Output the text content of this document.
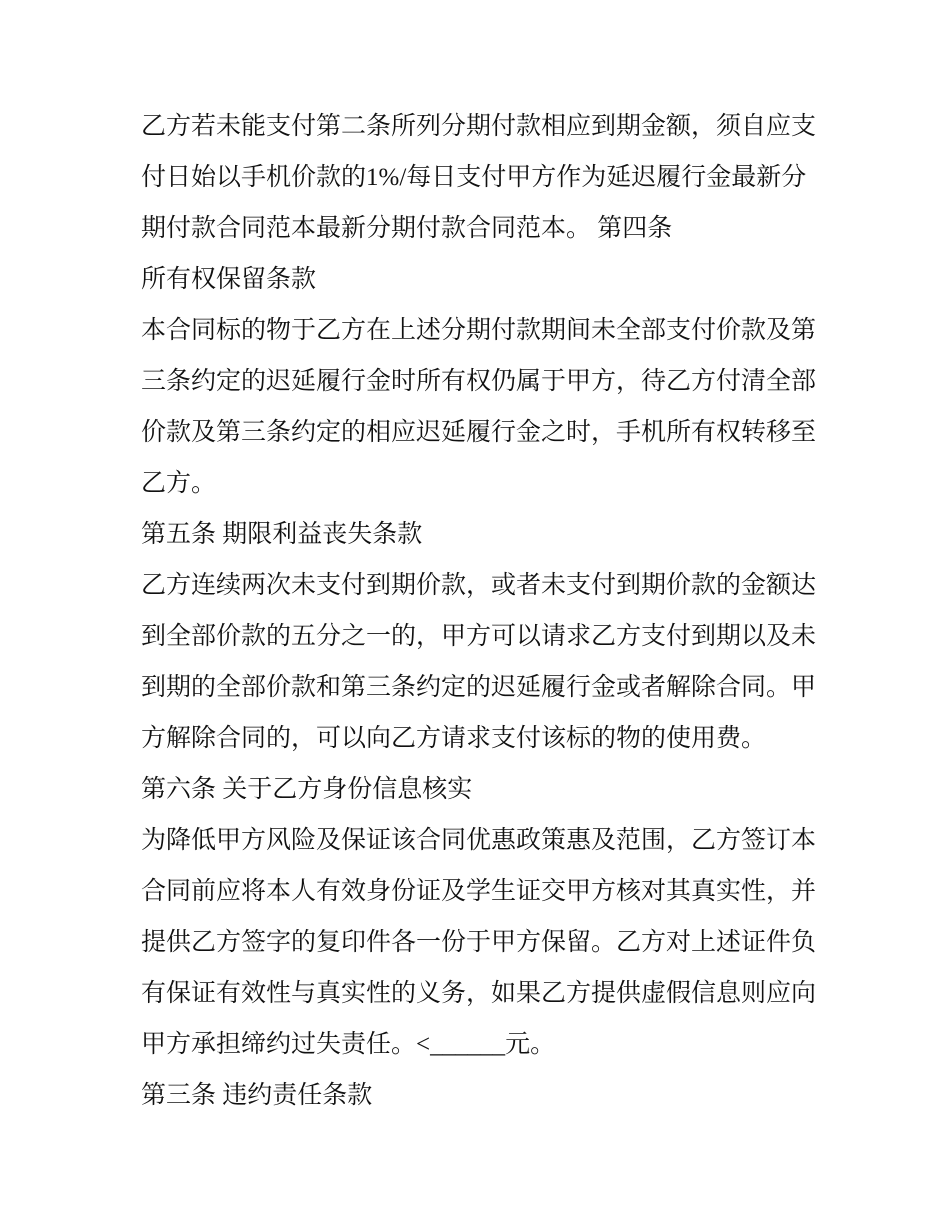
乙方若未能支付第二条所列分期付款相应到期金额，须自应支
付日始以手机价款的1%/每日支付甲方作为延迟履行金最新分
期付款合同范本最新分期付款合同范本。 第四条
所有权保留条款
本合同标的物于乙方在上述分期付款期间未全部支付价款及第
三条约定的迟延履行金时所有权仍属于甲方，待乙方付清全部
价款及第三条约定的相应迟延履行金之时，手机所有权转移至
乙方。
第五条 期限利益丧失条款
乙方连续两次未支付到期价款，或者未支付到期价款的金额达
到全部价款的五分之一的，甲方可以请求乙方支付到期以及未
到期的全部价款和第三条约定的迟延履行金或者解除合同。甲
方解除合同的，可以向乙方请求支付该标的物的使用费。
第六条 关于乙方身份信息核实
为降低甲方风险及保证该合同优惠政策惠及范围，乙方签订本
合同前应将本人有效身份证及学生证交甲方核对其真实性，并
提供乙方签字的复印件各一份于甲方保留。乙方对上述证件负
有保证有效性与真实性的义务，如果乙方提供虚假信息则应向
甲方承担缔约过失责任。<______元。
第三条 违约责任条款
